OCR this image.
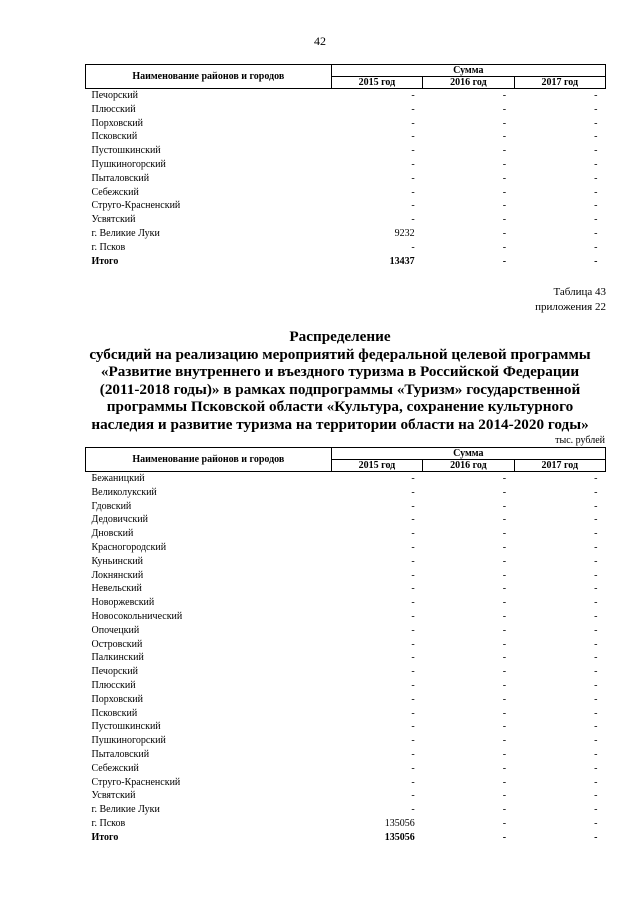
42
Наименование районов и городов	Сумма		
	2015 год	2016 год	2017 год
Печорский	-	-	-
Плюсский	-	-	-
Порховский	-	-	-
Псковский	-	-	-
Пустошкинский	-	-	-
Пушкиногорский	-	-	-
Пыталовский	-	-	-
Себежский	-	-	-
Струго-Красненский	-	-	-
Усвятский	-	-	-
г. Великие Луки	9232	-	-
г. Псков	-	-	-
Итого	13437	-	-
Таблица 43
приложения 22
Распределение
субсидий на реализацию мероприятий федеральной целевой программы
«Развитие внутреннего и въездного туризма в Российской Федерации
(2011-2018 годы)» в рамках подпрограммы «Туризм» государственной
программы Псковской области «Культура, сохранение культурного
наследия и развитие туризма на территории области на 2014-2020 годы»
тыс. рублей
Наименование районов и городов	Сумма		
	2015 год	2016 год	2017 год
Бежаницкий	-	-	-
Великолукский	-	-	-
Гдовский	-	-	-
Дедовичский	-	-	-
Дновский	-	-	-
Красногородский	-	-	-
Куньинский	-	-	-
Локнянский	-	-	-
Невельский	-	-	-
Новоржевский	-	-	-
Новосокольнический	-	-	-
Опочецкий	-	-	-
Островский	-	-	-
Палкинский	-	-	-
Печорский	-	-	-
Плюсский	-	-	-
Порховский	-	-	-
Псковский	-	-	-
Пустошкинский	-	-	-
Пушкиногорский	-	-	-
Пыталовский	-	-	-
Себежский	-	-	-
Струго-Красненский	-	-	-
Усвятский	-	-	-
г. Великие Луки	-	-	-
г. Псков	135056	-	-
Итого	135056	-	-
